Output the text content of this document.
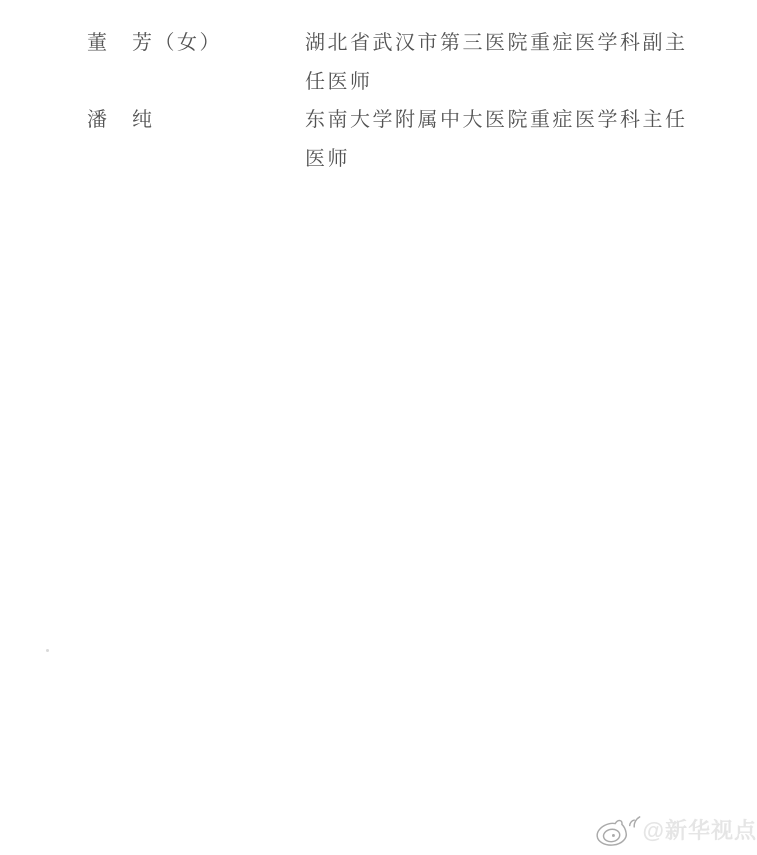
董　芳（女）	湖北省武汉市第三医院重症医学科副主任医师
潘　纯	东南大学附属中大医院重症医学科主任医师
@新华视点
